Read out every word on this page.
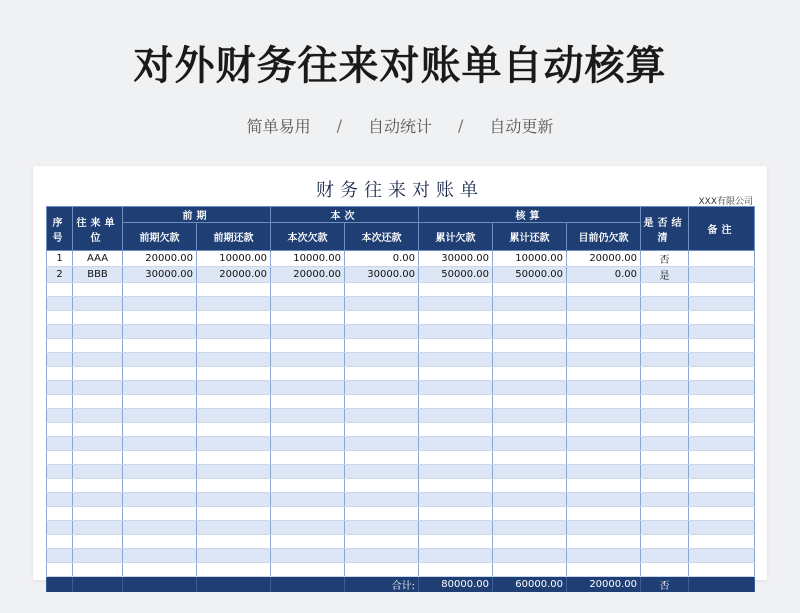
对外财务往来对账单自动核算
简单易用 / 自动统计 / 自动更新
财务往来对账单
XXX有限公司
序号	往来单位	前期		本次		核算			是否结清	备注
		前期欠款	前期还款	本次欠款	本次还款	累计欠款	累计还款	目前仍欠款		
1	AAA	20000.00	10000.00	10000.00	0.00	30000.00	10000.00	20000.00	否	
2	BBB	30000.00	20000.00	20000.00	30000.00	50000.00	50000.00	0.00	是	

					合计:	80000.00	60000.00	20000.00	否	
